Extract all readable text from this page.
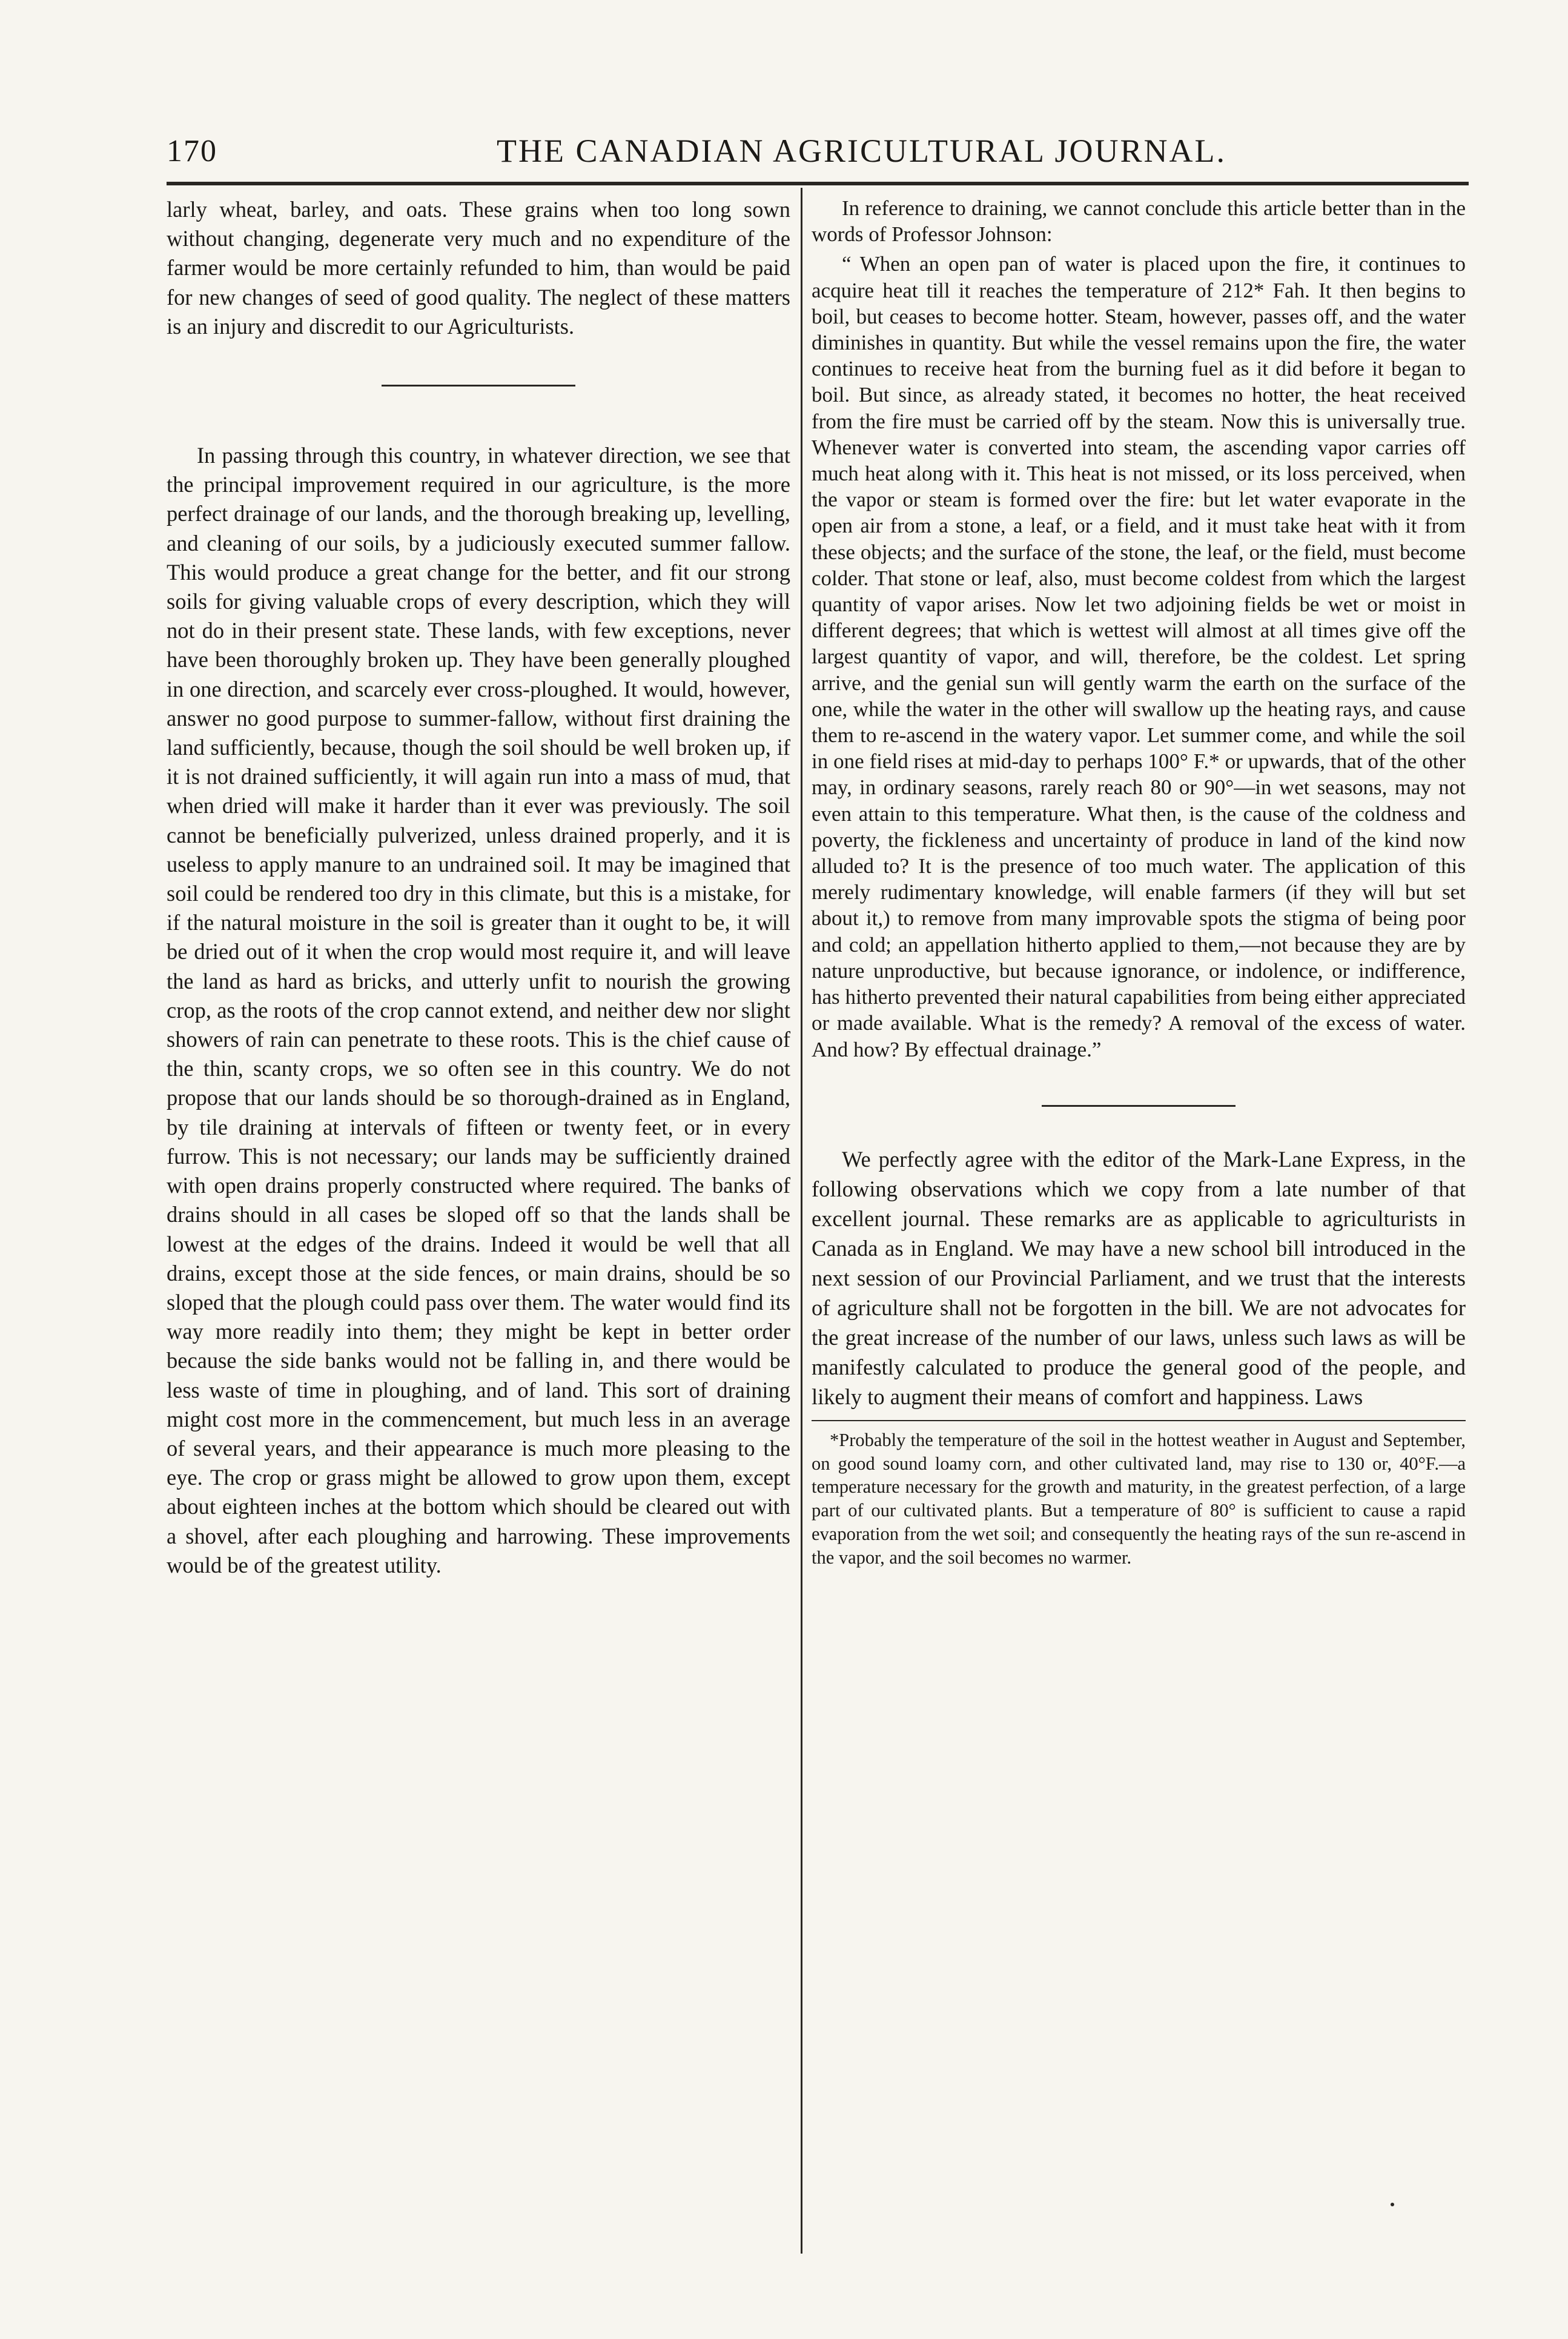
170	THE CANADIAN AGRICULTURAL JOURNAL.

larly wheat, barley, and oats. These grains when too long sown without changing, degenerate very much and no expenditure of the farmer would be more certainly refunded to him, than would be paid for new changes of seed of good quality. The neglect of these matters is an injury and discredit to our Agriculturists.

In passing through this country, in whatever direction, we see that the principal improvement required in our agriculture, is the more perfect drainage of our lands, and the thorough breaking up, levelling, and cleaning of our soils, by a judiciously executed summer fallow. This would produce a great change for the better, and fit our strong soils for giving valuable crops of every description, which they will not do in their present state. These lands, with few exceptions, never have been thoroughly broken up. They have been generally ploughed in one direction, and scarcely ever cross-ploughed. It would, however, answer no good purpose to summer-fallow, without first draining the land sufficiently, because, though the soil should be well broken up, if it is not drained sufficiently, it will again run into a mass of mud, that when dried will make it harder than it ever was previously. The soil cannot be beneficially pulverized, unless drained properly, and it is useless to apply manure to an undrained soil. It may be imagined that soil could be rendered too dry in this climate, but this is a mistake, for if the natural moisture in the soil is greater than it ought to be, it will be dried out of it when the crop would most require it, and will leave the land as hard as bricks, and utterly unfit to nourish the growing crop, as the roots of the crop cannot extend, and neither dew nor slight showers of rain can penetrate to these roots. This is the chief cause of the thin, scanty crops, we so often see in this country. We do not propose that our lands should be so thorough-drained as in England, by tile draining at intervals of fifteen or twenty feet, or in every furrow. This is not necessary; our lands may be sufficiently drained with open drains properly constructed where required. The banks of drains should in all cases be sloped off so that the lands shall be lowest at the edges of the drains. Indeed it would be well that all drains, except those at the side fences, or main drains, should be so sloped that the plough could pass over them. The water would find its way more readily into them; they might be kept in better order because the side banks would not be falling in, and there would be less waste of time in ploughing, and of land. This sort of draining might cost more in the commencement, but much less in an average of several years, and their appearance is much more pleasing to the eye. The crop or grass might be allowed to grow upon them, except about eighteen inches at the bottom which should be cleared out with a shovel, after each ploughing and harrowing. These improvements would be of the greatest utility.

In reference to draining, we cannot conclude this article better than in the words of Professor Johnson:

“ When an open pan of water is placed upon the fire, it continues to acquire heat till it reaches the temperature of 212* Fah. It then begins to boil, but ceases to become hotter. Steam, however, passes off, and the water diminishes in quantity. But while the vessel remains upon the fire, the water continues to receive heat from the burning fuel as it did before it began to boil. But since, as already stated, it becomes no hotter, the heat received from the fire must be carried off by the steam. Now this is universally true. Whenever water is converted into steam, the ascending vapor carries off much heat along with it. This heat is not missed, or its loss perceived, when the vapor or steam is formed over the fire: but let water evaporate in the open air from a stone, a leaf, or a field, and it must take heat with it from these objects; and the surface of the stone, the leaf, or the field, must become colder. That stone or leaf, also, must become coldest from which the largest quantity of vapor arises. Now let two adjoining fields be wet or moist in different degrees; that which is wettest will almost at all times give off the largest quantity of vapor, and will, therefore, be the coldest. Let spring arrive, and the genial sun will gently warm the earth on the surface of the one, while the water in the other will swallow up the heating rays, and cause them to re-ascend in the watery vapor. Let summer come, and while the soil in one field rises at mid-day to perhaps 100° F.* or upwards, that of the other may, in ordinary seasons, rarely reach 80 or 90°—in wet seasons, may not even attain to this temperature. What then, is the cause of the coldness and poverty, the fickleness and uncertainty of produce in land of the kind now alluded to? It is the presence of too much water. The application of this merely rudimentary knowledge, will enable farmers (if they will but set about it,) to remove from many improvable spots the stigma of being poor and cold; an appellation hitherto applied to them,—not because they are by nature unproductive, but because ignorance, or indolence, or indifference, has hitherto prevented their natural capabilities from being either appreciated or made available. What is the remedy? A removal of the excess of water. And how? By effectual drainage.”

We perfectly agree with the editor of the Mark-Lane Express, in the following observations which we copy from a late number of that excellent journal. These remarks are as applicable to agriculturists in Canada as in England. We may have a new school bill introduced in the next session of our Provincial Parliament, and we trust that the interests of agriculture shall not be forgotten in the bill. We are not advocates for the great increase of the number of our laws, unless such laws as will be manifestly calculated to produce the general good of the people, and likely to augment their means of comfort and happiness. Laws

*Probably the temperature of the soil in the hottest weather in August and September, on good sound loamy corn, and other cultivated land, may rise to 130 or, 40°F.—a temperature necessary for the growth and maturity, in the greatest perfection, of a large part of our cultivated plants. But a temperature of 80° is sufficient to cause a rapid evaporation from the wet soil; and consequently the heating rays of the sun re-ascend in the vapor, and the soil becomes no warmer.
